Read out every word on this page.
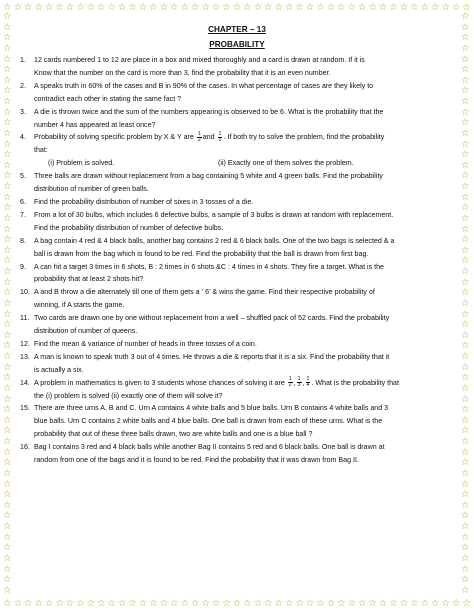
☆ ☆ ☆ ☆ ☆ ☆ ☆ ☆ ☆ ☆ ☆ ☆ ☆ ☆ ☆ ☆ ☆ ☆ ☆ ☆ ☆ ☆ ☆ ☆ ☆ ☆ ☆ ☆ ☆ ☆ ☆ ☆ ☆ ☆ ☆ ☆ ☆ ☆ ☆ ☆ ☆ ☆ ☆ ☆ ☆
☆ ☆ ☆ ☆ ☆ ☆ ☆ ☆ ☆ ☆ ☆ ☆ ☆ ☆ ☆ ☆ ☆ ☆ ☆ ☆ ☆ ☆ ☆ ☆ ☆ ☆ ☆ ☆ ☆ ☆ ☆ ☆ ☆ ☆ ☆ ☆ ☆ ☆ ☆ ☆ ☆ ☆ ☆ ☆ ☆
☆
☆
☆
☆
☆
☆
☆
☆
☆
☆
☆
☆
☆
☆
☆
☆
☆
☆
☆
☆
☆
☆
☆
☆
☆
☆
☆
☆
☆
☆
☆
☆
☆
☆
☆
☆
☆
☆
☆
☆
☆
☆
☆
☆
☆
☆
☆
☆
☆
☆
☆
☆
☆
☆
☆
☆
☆
☆
☆
☆
☆
☆
☆
☆
☆
☆
☆
☆
☆
☆
☆
☆
☆
☆
☆
☆
☆
☆
☆
☆
☆
☆
☆
☆
☆
☆
☆
☆
☆
☆
☆
☆
☆
☆
☆
☆
☆
☆
☆
☆
☆
☆
☆
☆
☆
☆
☆
☆
☆
☆
CHAPTER – 13
PROBABILITY
1.	12 cards numbered 1 to 12 are place in a box and mixed thoroughly and a card is drawn at random. If it is
Know that the number on the card is more than 3, find the probability that it is an even number.
2.	A speaks truth in 60% of the cases and B in 90% of the cases. In what percentage of cases are they likely to
contradict each other in stating the same fact ?
3.	A die is thrown twice and the sum of the numbers appearing is observed to be 6. What is the probability that the
number 4 has appeared at least once?
4.	Probability of solving specific problem by X & Y are $\frac{1}{2}$ and $\frac{1}{3}$ . If both try to solve the problem, find the probability
that:
(i) Problem is solved.	(ii) Exactly one of them solves the problem.
5.	Three balls are drawn without replacement from a bag containing 5 white and 4 green balls. Find the probability
distribution of number of green balls.
6.	Find the probability distribution of number of sixes in 3 tosses of a die.
7.	From a lot of 30 bulbs, which includes 6 defective bulbs, a sample of 3 bulbs is drawn at random with replacement.
Find the probability distribution of number of defective bulbs.
8.	A bag contain 4 red & 4 black balls, another bag contains 2 red & 6 black balls. One of the two bags is selected & a
ball is drawn from the bag which is found to be red. Find the probability that the ball is drawn from first bag.
9.	A can hit a target 3 times in 6 shots, B : 2 times in 6 shots &C : 4 times in 4 shots. They fire a target. What is the
probability that at least 2 shots hit?
10. A and B throw a die alternately till one of them gets a ‘ 6’ & wins the game. Find their respective probability of
winning, if A starts the game.
11. Two cards are drawn one by one without replacement from a well – shuffled pack of 52 cards. Find the probability
distribution of number of queens.
12. Find the mean & variance of number of heads in three tosses of a coin.
13. A man is known to speak truth 3 out of 4 times. He throws a die & reports that it is a six. Find the probability that it
is actually a six.
14. A problem in mathematics is given to 3 students whose chances of solving it are $\frac{1}{2}$ , $\frac{1}{3}$ , $\frac{1}{4}$ . What is the probability that
the (i) problem is solved (ii) exactly one of them will solve it?
15. There are three urns A, B and C. Urn A contains 4 white balls and 5 blue balls. Urn B contains 4 white balls and 3
blue balls. Urn C contains 2 white balls and 4 blue balls. One ball is drawn from each of these urns. What is the
probability that out of these three balls drawn, two are white balls and one is a blue ball ?
16. Bag I contains 3 red and 4 black balls while another Bag II contains 5 red and 6 black balls. One ball is drawn at
random from one of the bags and it is found to be red. Find the probability that it was drawn from Bag II.
